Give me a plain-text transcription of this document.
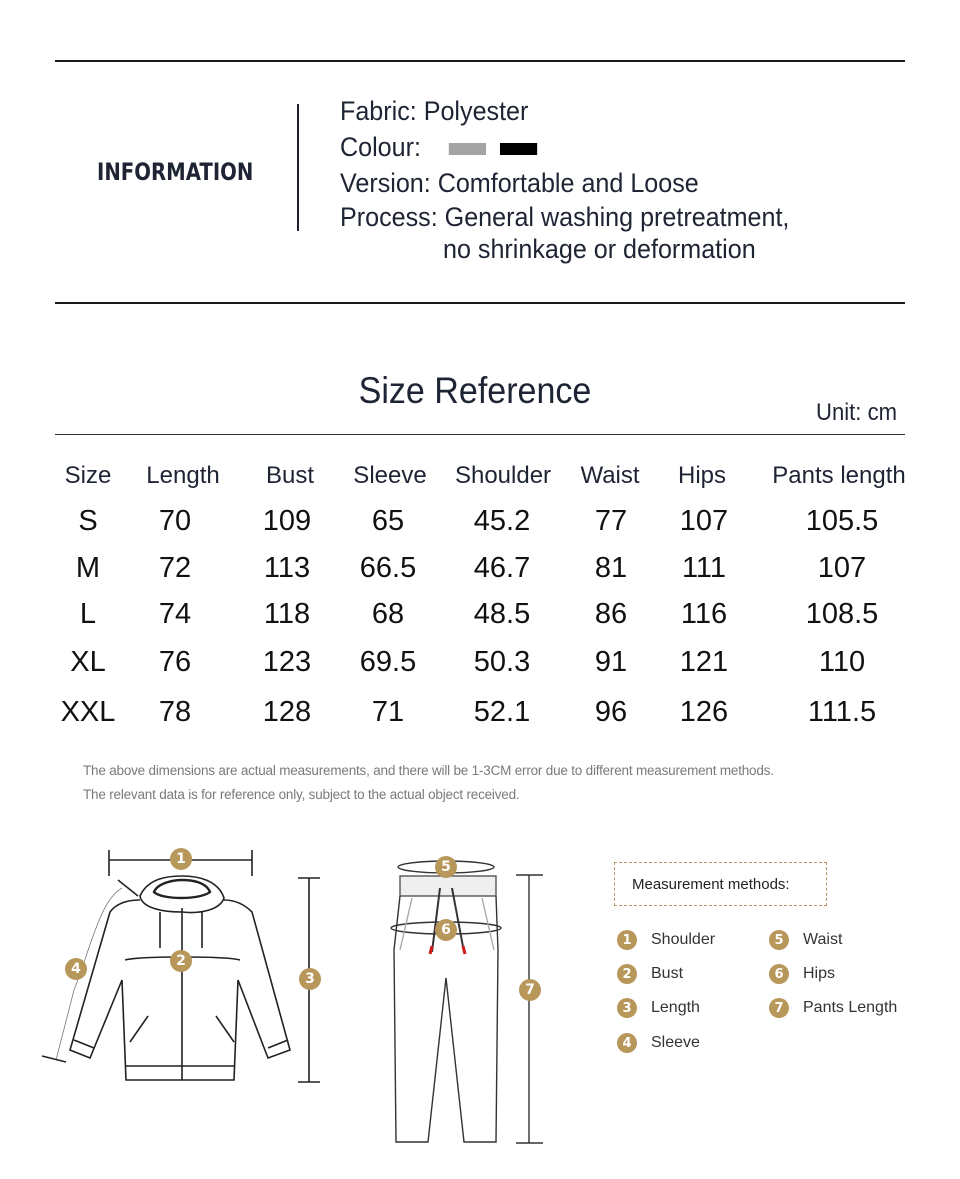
INFORMATION
Fabric: Polyester
Colour:
Version: Comfortable and Loose
Process: General washing pretreatment,
no shrinkage or deformation
Size Reference
Unit: cm
Size Length Bust Sleeve Shoulder Waist Hips Pants length
S 70 109 65 45.2 77 107	105.5
M 72	113 66.5 46.7 81 111	107
L 74	118 68 48.5 86 116	108.5
XL 76 123 69.5 50.3 91 121	110
XXL 78 128 71 52.1 96 126	111.5
The above dimensions are actual measurements, and there will be 1-3CM error due to different measurement methods.
The relevant data is for reference only, subject to the actual object received.
1
2
3
4
5
6
7
Measurement methods:
1	Shoulder
2	Bust
3	Length
4	Sleeve
5	Waist
6	Hips
7	Pants Length
